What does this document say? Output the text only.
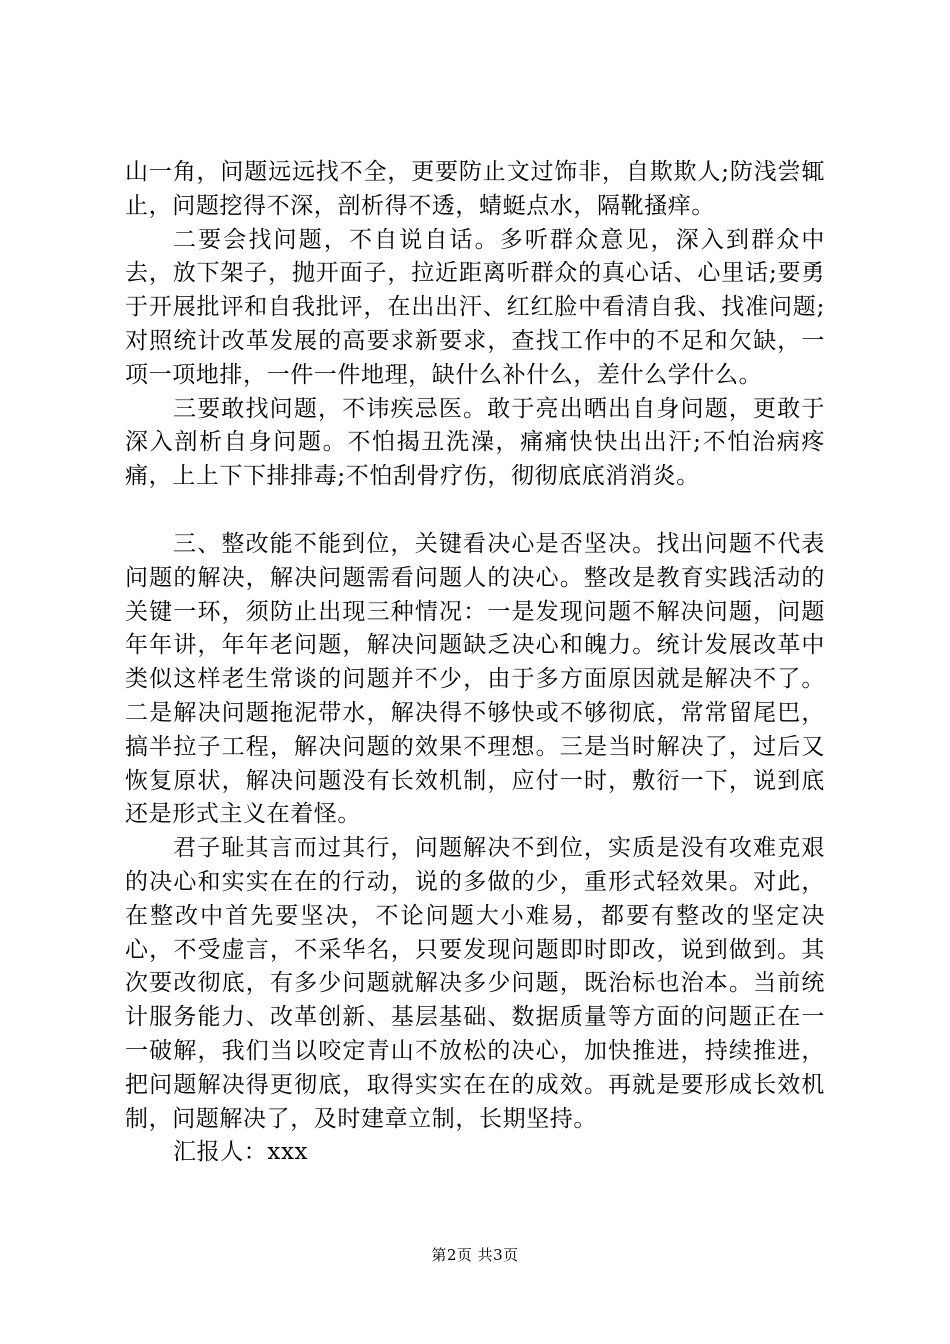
山一角，问题远远找不全，更要防止文过饰非，自欺欺人;防浅尝辄止，问题挖得不深，剖析得不透，蜻蜓点水，隔靴搔痒。

二要会找问题，不自说自话。多听群众意见，深入到群众中去，放下架子，抛开面子，拉近距离听群众的真心话、心里话;要勇于开展批评和自我批评，在出出汗、红红脸中看清自我、找准问题;对照统计改革发展的高要求新要求，查找工作中的不足和欠缺，一项一项地排，一件一件地理，缺什么补什么，差什么学什么。

三要敢找问题，不讳疾忌医。敢于亮出晒出自身问题，更敢于深入剖析自身问题。不怕揭丑洗澡，痛痛快快出出汗;不怕治病疼痛，上上下下排排毒;不怕刮骨疗伤，彻彻底底消消炎。

三、整改能不能到位，关键看决心是否坚决。找出问题不代表问题的解决，解决问题需看问题人的决心。整改是教育实践活动的关键一环，须防止出现三种情况：一是发现问题不解决问题，问题年年讲，年年老问题，解决问题缺乏决心和魄力。统计发展改革中类似这样老生常谈的问题并不少，由于多方面原因就是解决不了。二是解决问题拖泥带水，解决得不够快或不够彻底，常常留尾巴，搞半拉子工程，解决问题的效果不理想。三是当时解决了，过后又恢复原状，解决问题没有长效机制，应付一时，敷衍一下，说到底还是形式主义在着怪。

君子耻其言而过其行，问题解决不到位，实质是没有攻难克艰的决心和实实在在的行动，说的多做的少，重形式轻效果。对此，在整改中首先要坚决，不论问题大小难易，都要有整改的坚定决心，不受虚言，不采华名，只要发现问题即时即改，说到做到。其次要改彻底，有多少问题就解决多少问题，既治标也治本。当前统计服务能力、改革创新、基层基础、数据质量等方面的问题正在一一破解，我们当以咬定青山不放松的决心，加快推进，持续推进，把问题解决得更彻底，取得实实在在的成效。再就是要形成长效机制，问题解决了，及时建章立制，长期坚持。

汇报人：xxx

第2页 共3页
